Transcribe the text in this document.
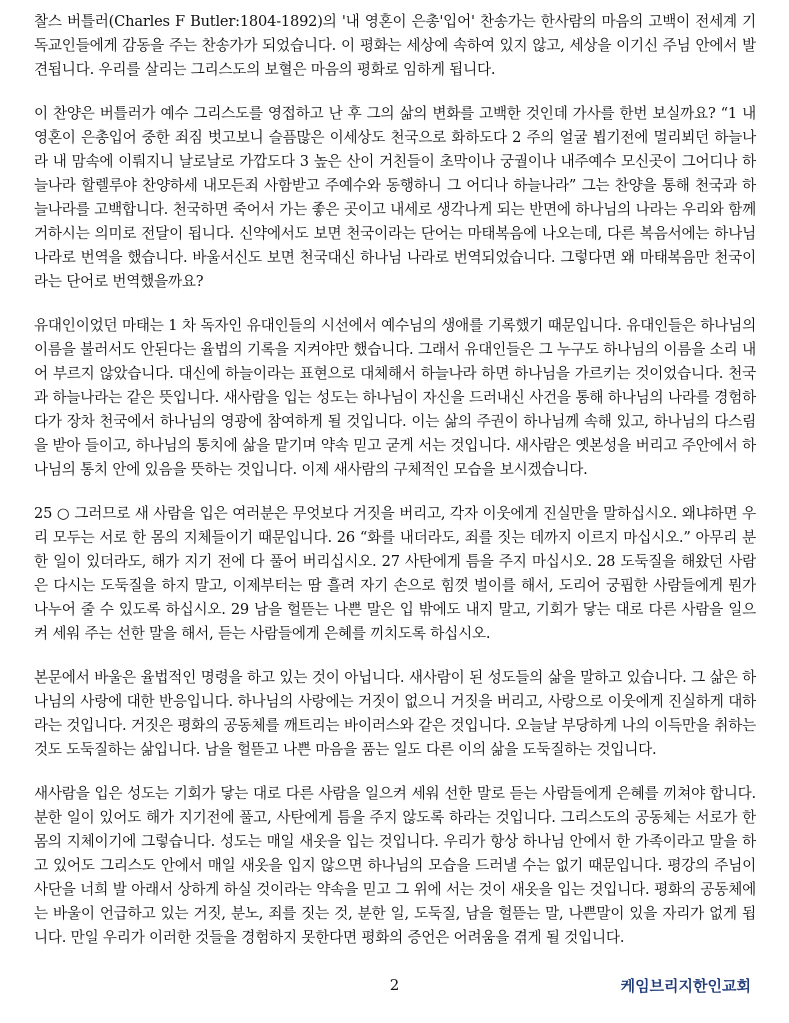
찰스 버틀러(Charles F Butler:1804-1892)의 '내 영혼이 은총'입어' 찬송가는 한사람의 마음의 고백이 전세계 기독교인들에게 감동을 주는 찬송가가 되었습니다. 이 평화는 세상에 속하여 있지 않고, 세상을 이기신 주님 안에서 발견됩니다. 우리를 살리는 그리스도의 보혈은 마음의 평화로 임하게 됩니다.

이 찬양은 버틀러가 예수 그리스도를 영접하고 난 후 그의 삶의 변화를 고백한 것인데 가사를 한번 보실까요? “1 내영혼이 은총입어 중한 죄짐 벗고보니 슬픔많은 이세상도 천국으로 화하도다 2 주의 얼굴 뵙기전에 멀리뵈던 하늘나라 내 맘속에 이뤄지니 날로날로 가깝도다 3 높은 산이 거친들이 초막이나 궁궐이나 내주예수 모신곳이 그어디나 하늘나라 할렐루야 찬양하세 내모든죄 사함받고 주예수와 동행하니 그 어디나 하늘나라” 그는 찬양을 통해 천국과 하늘나라를 고백합니다. 천국하면 죽어서 가는 좋은 곳이고 내세로 생각나게 되는 반면에 하나님의 나라는 우리와 함께 거하시는 의미로 전달이 됩니다. 신약에서도 보면 천국이라는 단어는 마태복음에 나오는데, 다른 복음서에는 하나님 나라로 번역을 했습니다. 바울서신도 보면 천국대신 하나님 나라로 번역되었습니다. 그렇다면 왜 마태복음만 천국이라는 단어로 번역했을까요?

유대인이었던 마태는 1 차 독자인 유대인들의 시선에서 예수님의 생애를 기록했기 때문입니다. 유대인들은 하나님의 이름을 불러서도 안된다는 율법의 기록을 지켜야만 했습니다. 그래서 유대인들은 그 누구도 하나님의 이름을 소리 내어 부르지 않았습니다. 대신에 하늘이라는 표현으로 대체해서 하늘나라 하면 하나님을 가르키는 것이었습니다. 천국과 하늘나라는 같은 뜻입니다. 새사람을 입는 성도는 하나님이 자신을 드러내신 사건을 통해 하나님의 나라를 경험하다가 장차 천국에서 하나님의 영광에 참여하게 될 것입니다. 이는 삶의 주권이 하나님께 속해 있고, 하나님의 다스림을 받아 들이고, 하나님의 통치에 삶을 맡기며 약속 믿고 굳게 서는 것입니다. 새사람은 옛본성을 버리고 주안에서 하나님의 통치 안에 있음을 뜻하는 것입니다. 이제 새사람의 구체적인 모습을 보시겠습니다.

25 ○ 그러므로 새 사람을 입은 여러분은 무엇보다 거짓을 버리고, 각자 이웃에게 진실만을 말하십시오. 왜냐하면 우리 모두는 서로 한 몸의 지체들이기 때문입니다. 26 “화를 내더라도, 죄를 짓는 데까지 이르지 마십시오.” 아무리 분한 일이 있더라도, 해가 지기 전에 다 풀어 버리십시오. 27 사탄에게 틈을 주지 마십시오. 28 도둑질을 해왔던 사람은 다시는 도둑질을 하지 말고, 이제부터는 땀 흘려 자기 손으로 힘껏 벌이를 해서, 도리어 궁핍한 사람들에게 뭔가 나누어 줄 수 있도록 하십시오. 29 남을 헐뜯는 나쁜 말은 입 밖에도 내지 말고, 기회가 닿는 대로 다른 사람을 일으켜 세워 주는 선한 말을 해서, 듣는 사람들에게 은혜를 끼치도록 하십시오.

본문에서 바울은 율법적인 명령을 하고 있는 것이 아닙니다. 새사람이 된 성도들의 삶을 말하고 있습니다. 그 삶은 하나님의 사랑에 대한 반응입니다. 하나님의 사랑에는 거짓이 없으니 거짓을 버리고, 사랑으로 이웃에게 진실하게 대하라는 것입니다. 거짓은 평화의 공동체를 깨트리는 바이러스와 같은 것입니다. 오늘날 부당하게 나의 이득만을 취하는 것도 도둑질하는 삶입니다. 남을 헐뜯고 나쁜 마음을 품는 일도 다른 이의 삶을 도둑질하는 것입니다.

새사람을 입은 성도는 기회가 닿는 대로 다른 사람을 일으켜 세워 선한 말로 듣는 사람들에게 은혜를 끼쳐야 합니다. 분한 일이 있어도 해가 지기전에 풀고, 사탄에게 틈을 주지 않도록 하라는 것입니다. 그리스도의 공동체는 서로가 한 몸의 지체이기에 그렇습니다. 성도는 매일 새옷을 입는 것입니다. 우리가 항상 하나님 안에서 한 가족이라고 말을 하고 있어도 그리스도 안에서 매일 새옷을 입지 않으면 하나님의 모습을 드러낼 수는 없기 때문입니다. 평강의 주님이 사단을 너희 발 아래서 상하게 하실 것이라는 약속을 믿고 그 위에 서는 것이 새옷을 입는 것입니다. 평화의 공동체에는 바울이 언급하고 있는 거짓, 분노, 죄를 짓는 것, 분한 일, 도둑질, 남을 헐뜯는 말, 나쁜말이 있을 자리가 없게 됩니다. 만일 우리가 이러한 것들을 경험하지 못한다면 평화의 증언은 어려움을 겪게 될 것입니다.

2	케임브리지한인교회
